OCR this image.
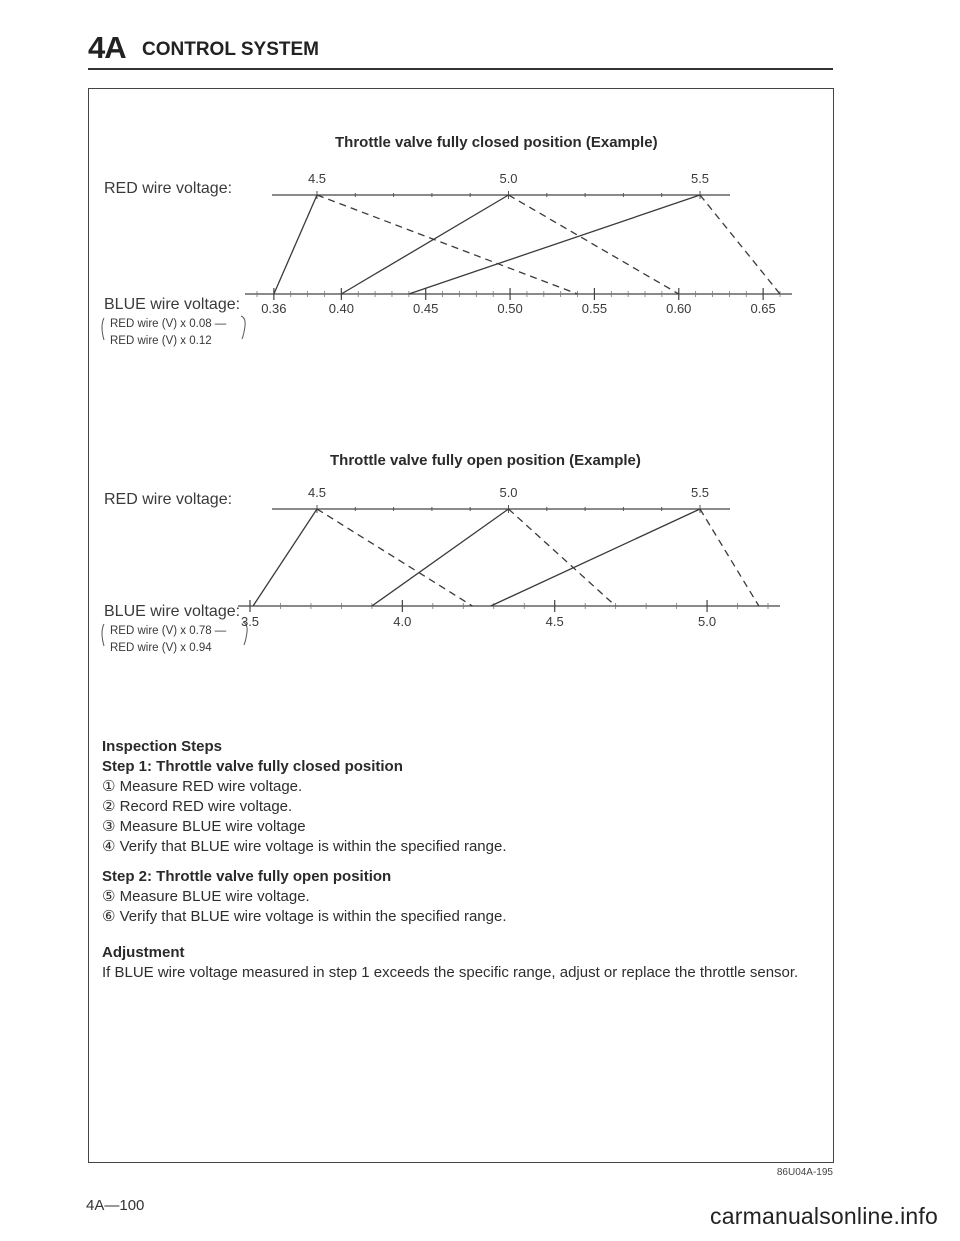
4A CONTROL SYSTEM
Throttle valve fully closed position (Example)
RED wire voltage:
BLUE wire voltage:
RED wire (V) x 0.08 —
RED wire (V) x 0.12
4.5	5.0	5.5
0.36	0.40	0.45	0.50	0.55	0.60	0.65
Throttle valve fully open position (Example)
RED wire voltage:
BLUE wire voltage:
RED wire (V) x 0.78 —
RED wire (V) x 0.94
4.5	5.0	5.5
3.5	4.0	4.5	5.0
Inspection Steps
Step 1: Throttle valve fully closed position
① Measure RED wire voltage.
② Record RED wire voltage.
③ Measure BLUE wire voltage
④ Verify that BLUE wire voltage is within the specified range.
Step 2: Throttle valve fully open position
⑤ Measure BLUE wire voltage.
⑥ Verify that BLUE wire voltage is within the specified range.
Adjustment
If BLUE wire voltage measured in step 1 exceeds the specific range, adjust or replace the throttle sensor.
86U04A-195
4A—100	carmanualsonline.info
